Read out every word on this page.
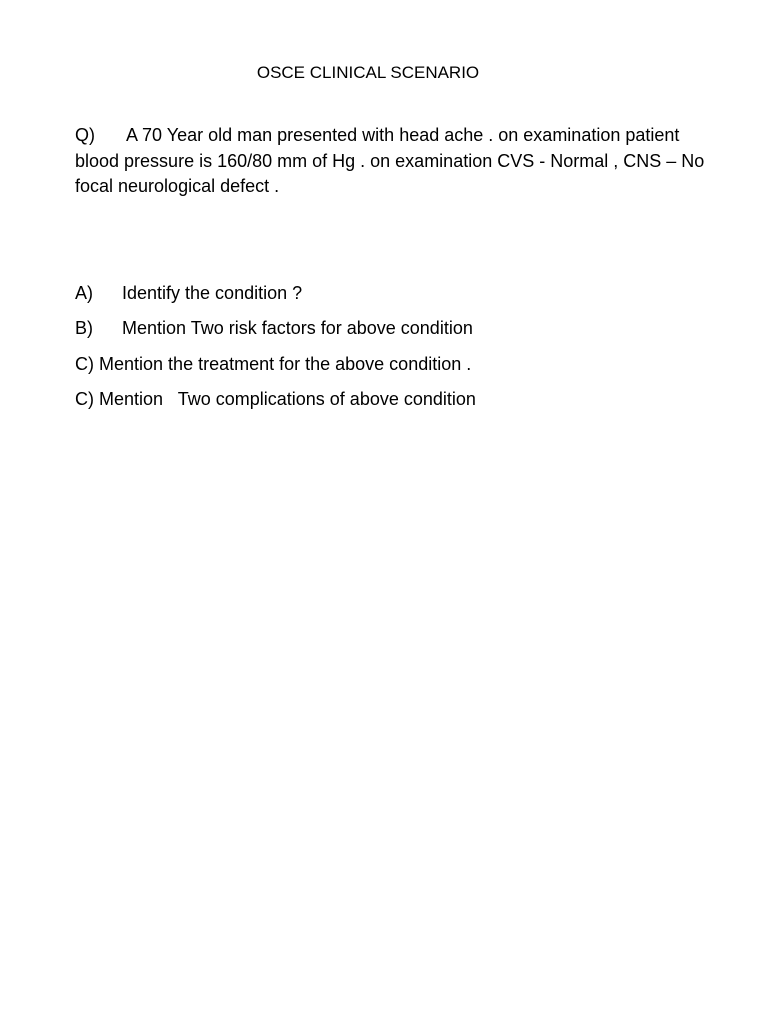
OSCE CLINICAL SCENARIO
Q) A 70 Year old man presented with head ache . on examination patient
blood pressure is 160/80 mm of Hg . on examination CVS - Normal , CNS – No
focal neurological defect .
A) Identify the condition ?
B) Mention Two risk factors for above condition
C) Mention the treatment for the above condition .
C) Mention   Two complications of above condition
